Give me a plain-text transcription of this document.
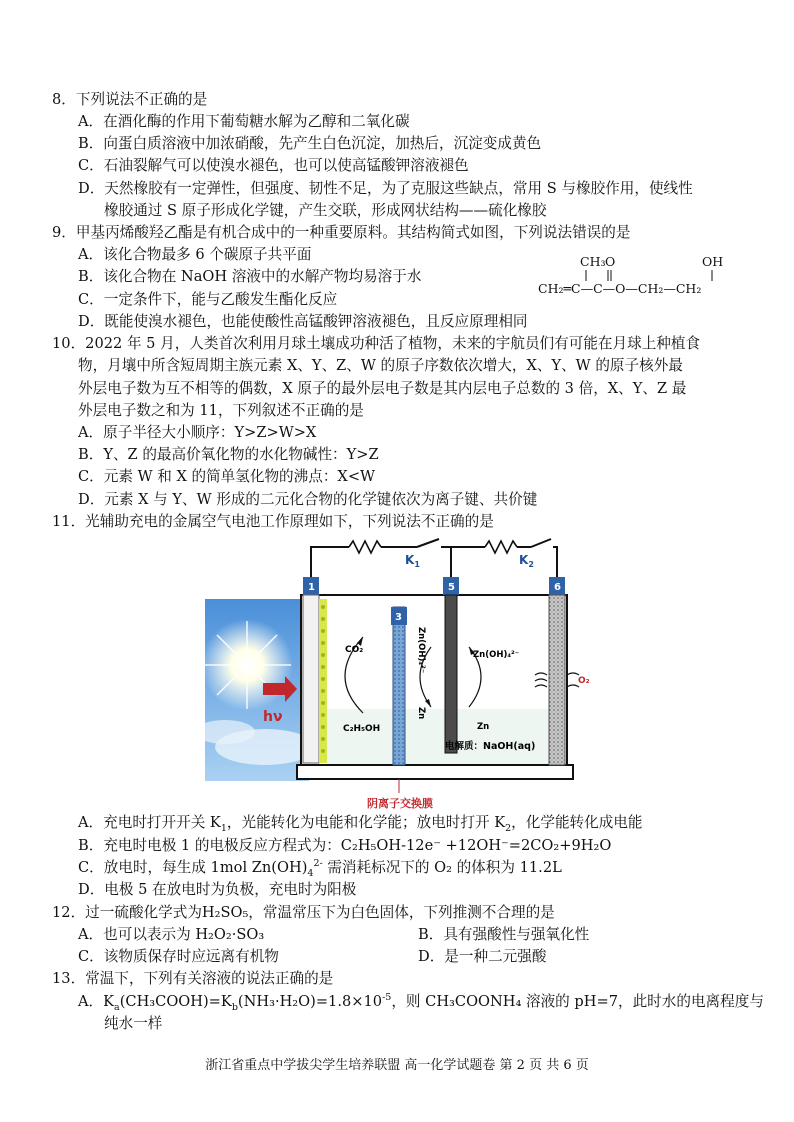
8．下列说法不正确的是
A．在酒化酶的作用下葡萄糖水解为乙醇和二氧化碳
B．向蛋白质溶液中加浓硝酸，先产生白色沉淀，加热后，沉淀变成黄色
C．石油裂解气可以使溴水褪色，也可以使高锰酸钾溶液褪色
D．天然橡胶有一定弹性，但强度、韧性不足，为了克服这些缺点，常用 S 与橡胶作用，使线性
橡胶通过 S 原子形成化学键，产生交联，形成网状结构——硫化橡胶
9．甲基丙烯酸羟乙酯是有机合成中的一种重要原料。其结构简式如图，下列说法错误的是
A．该化合物最多 6 个碳原子共平面
B．该化合物在 NaOH 溶液中的水解产物均易溶于水
C．一定条件下，能与乙酸发生酯化反应
D．既能使溴水褪色，也能使酸性高锰酸钾溶液褪色，且反应原理相同
CH₃ O	OH
CH₂═C—C—O—CH₂—CH₂
10．2022 年 5 月，人类首次利用月球土壤成功种活了植物，未来的宇航员们有可能在月球上种植食
物，月壤中所含短周期主族元素 X、Y、Z、W 的原子序数依次增大，X、Y、W 的原子核外最
外层电子数为互不相等的偶数，X 原子的最外层电子数是其内层电子总数的 3 倍，X、Y、Z 最
外层电子数之和为 11，下列叙述不正确的是
A．原子半径大小顺序：Y>Z>W>X
B．Y、Z 的最高价氧化物的水化物碱性：Y>Z
C．元素 W 和 X 的简单氢化物的沸点：X<W
D．元素 X 与 Y、W 形成的二元化合物的化学键依次为离子键、共价键
11．光辅助充电的金属空气电池工作原理如下，下列说法不正确的是
hν
$K_1$	$K_2$
1
3
5	6
CO₂
C₂H₅OH
Zn(OH)₄²⁻
Zn
Zn(OH)₄²⁻
Zn
O₂
电解质：NaOH(aq)
阴离子交换膜
A．充电时打开开关 $K_1$，光能转化为电能和化学能；放电时打开 $K_2$，化学能转化成电能
B．充电时电极 1 的电极反应方程式为：C₂H₅OH-12e⁻ +12OH⁻=2CO₂+9H₂O
C．放电时，每生成 1mol $Zn(OH)_4^{2-}$ 需消耗标况下的 O₂ 的体积为 11.2L
D．电极 5 在放电时为负极，充电时为阳极
12．过一硫酸化学式为H₂SO₅，常温常压下为白色固体，下列推测不合理的是
A．也可以表示为 H₂O₂·SO₃	B．具有强酸性与强氧化性
C．该物质保存时应远离有机物	D．是一种二元强酸
13．常温下，下列有关溶液的说法正确的是
A．$K_a(CH_3COOH)=K_b(NH_3\cdot H_2O)=1.8\times 10^{-5}$，则 CH₃COONH₄ 溶液的 pH=7，此时水的电离程度与
纯水一样
浙江省重点中学拔尖学生培养联盟 高一化学试题卷 第 2 页 共 6 页
